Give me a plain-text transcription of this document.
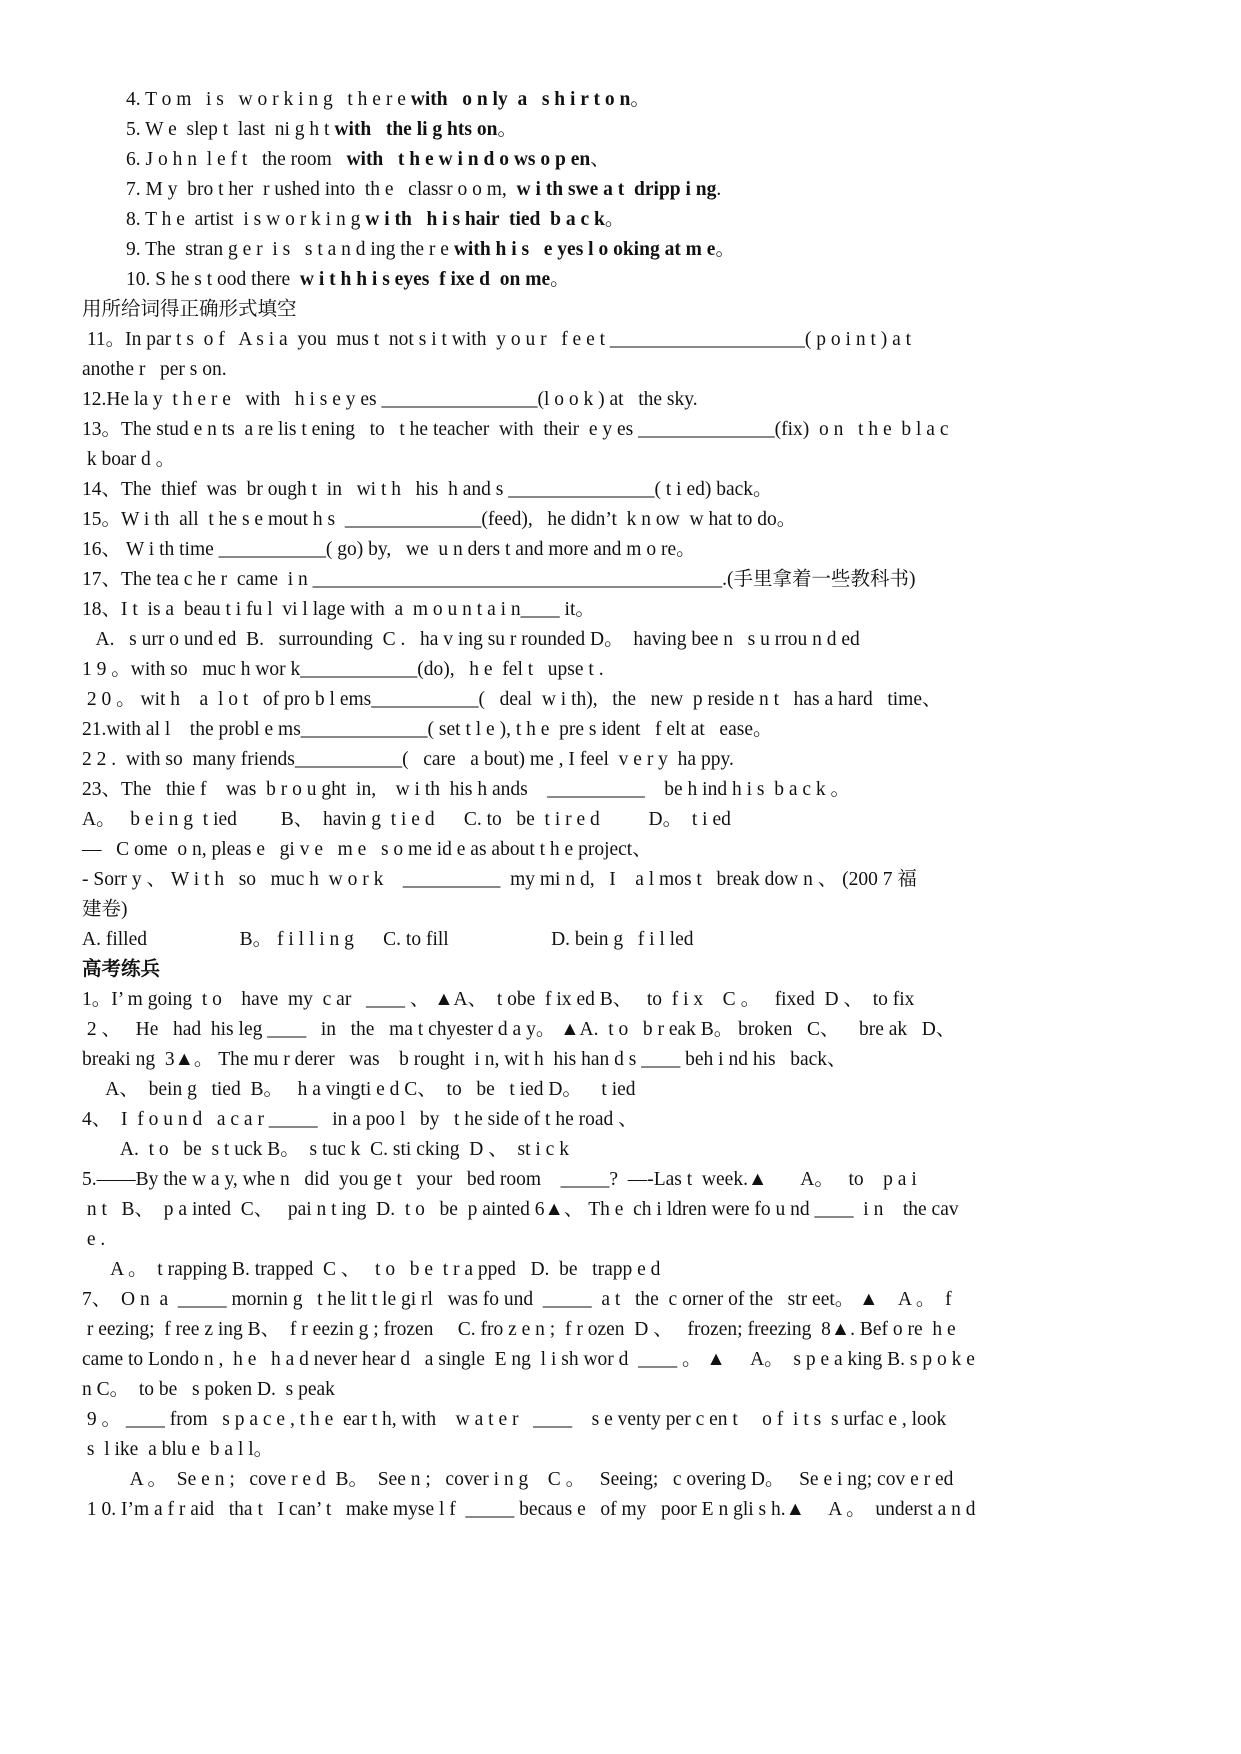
4. T o m   i s   w o r k i n g   t h e r e with   o n ly  a   s h i r t o n。
5. W e  slep t  last  ni g h t with   the li g hts on。
6. J o h n  l e f t   the room   with   t h e w i n d o ws o p en、
7. M y  bro t her  r ushed into  th e   classr o o m,  w i th swe a t  dripp i ng.
8. T h e  artist  i s w o r k i n g w i th   h i s hair  tied  b a c k。
9. The  stran g e r  i s   s t a n d ing the r e with h i s   e yes l o oking at m e。
10. S he s t ood there  w i t h h i s eyes  f ixe d  on me。
用所给词得正确形式填空
11。In par t s  o f   A s i a  you  mus t  not s i t with  y o u r   f e e t ____________________( p o i n t ) a t
anothe r   per s on.
12.He la y  t h e r e   with   h i s e y es ________________(l o o k ) at   the sky.
13。The stud e n ts  a re lis t ening   to   t he teacher  with  their  e y es ______________(fix)  o n   t h e  b l a c
k boar d 。
14、The  thief  was  br ough t  in   wi t h   his  h and s _______________( t i ed) back。
15。W i th  all  t he s e mout h s  ______________(feed),   he didn’t  k n ow  w hat to do。
16、 W i th time ___________( go) by,   we  u n ders t and more and m o re。
17、The tea c he r  came  i n __________________________________________.(手里拿着一些教科书)
18、I t  is a  beau t i fu l  vi l lage with  a  m o u n t a i n____ it。
A.   s urr o und ed  B.   surrounding  C .   ha v ing su r rounded D。  having bee n   s u rrou n d ed
1 9 。with so   muc h wor k____________(do),   h e  fel t   upse t .
2 0 。 wit h    a  l o t   of pro b l ems___________(   deal  w i th),   the   new  p reside n t   has a hard   time、
21.with al l    the probl e ms_____________( set t l e ), t h e  pre s ident   f elt at   ease。
2 2 .  with so  many friends___________(   care   a bout) me , I feel  v e r y  ha ppy.
23、The   thie f    was  b r o u ght  in,    w i th  his h ands    __________    be h ind h i s  b a c k 。
A。   b e i n g  t ied         B、  havin g  t i e d      C. to   be  t i r e d          D。  t i ed
—   C ome  o n, pleas e   gi v e   m e   s o me id e as about t h e project、
- Sorr y 、 W i t h   so   muc h  w o r k    __________  my mi n d,   I    a l mos t   break dow n 、 (200 7 福
建卷)
A. filled                   B。 f i l l i n g      C. to fill                     D. bein g   f i l led
高考练兵
1。I’ m going  t o    have  my  c ar   ____ 、 ▲A、  t obe  f ix ed B、   to  f i x    C 。   fixed  D 、  to fix
2 、   He   had  his leg ____   in   the   ma t chyester d a y。 ▲A.  t o   b r eak B。 broken   C、    bre ak   D、
breaki ng  3▲。 The mu r derer   was    b rought  i n, wit h  his han d s ____ beh i nd his   back、
A、  bein g   tied  B。   h a vingti e d C、  to   be   t ied D。    t ied
4、  I  f o u n d   a c a r _____   in a poo l   by   t he side of t he road 、
A.  t o   be  s t uck B。  s tuc k  C. sti cking  D 、  st i c k
5.——By the w a y, whe n   did  you ge t   your   bed room    _____?  —-Las t  week.▲       A。   to    p a i
n t   B、  p a inted  C、   pai n t ing  D.  t o   be  p ainted 6▲、 Th e  ch i ldren were fo u nd ____  i n    the cav
e .
A 。  t rapping B. trapped  C 、   t o   b e  t r a pped   D.  be   trapp e d
7、  O n  a  _____ mornin g   t he lit t le gi rl   was fo und  _____  a t   the  c orner of the   str eet。 ▲    A 。  f
r eezing;  f ree z ing B、  f r eezin g ; frozen     C. fro z e n ;  f r ozen  D 、   frozen; freezing  8▲. Bef o re  h e
came to Londo n ,  h e   h a d never hear d   a single  E ng  l i sh wor d  ____ 。 ▲     A。  s p e a king B. s p o k e
n C。  to be   s poken D.  s peak
9 。 ____ from   s p a c e , t h e  ear t h, with    w a t e r   ____    s e venty per c en t     o f  i t s  s urfac e , look
s  l ike  a blu e  b a l l。
A 。  Se e n ;   cove r e d  B。  See n ;   cover i n g    C 。   Seeing;   c overing D。   Se e i ng; cov e r ed
1 0. I’m a f r aid   tha t   I can’ t   make myse l f  _____ becaus e   of my   poor E n gli s h.▲     A 。  underst a n d
